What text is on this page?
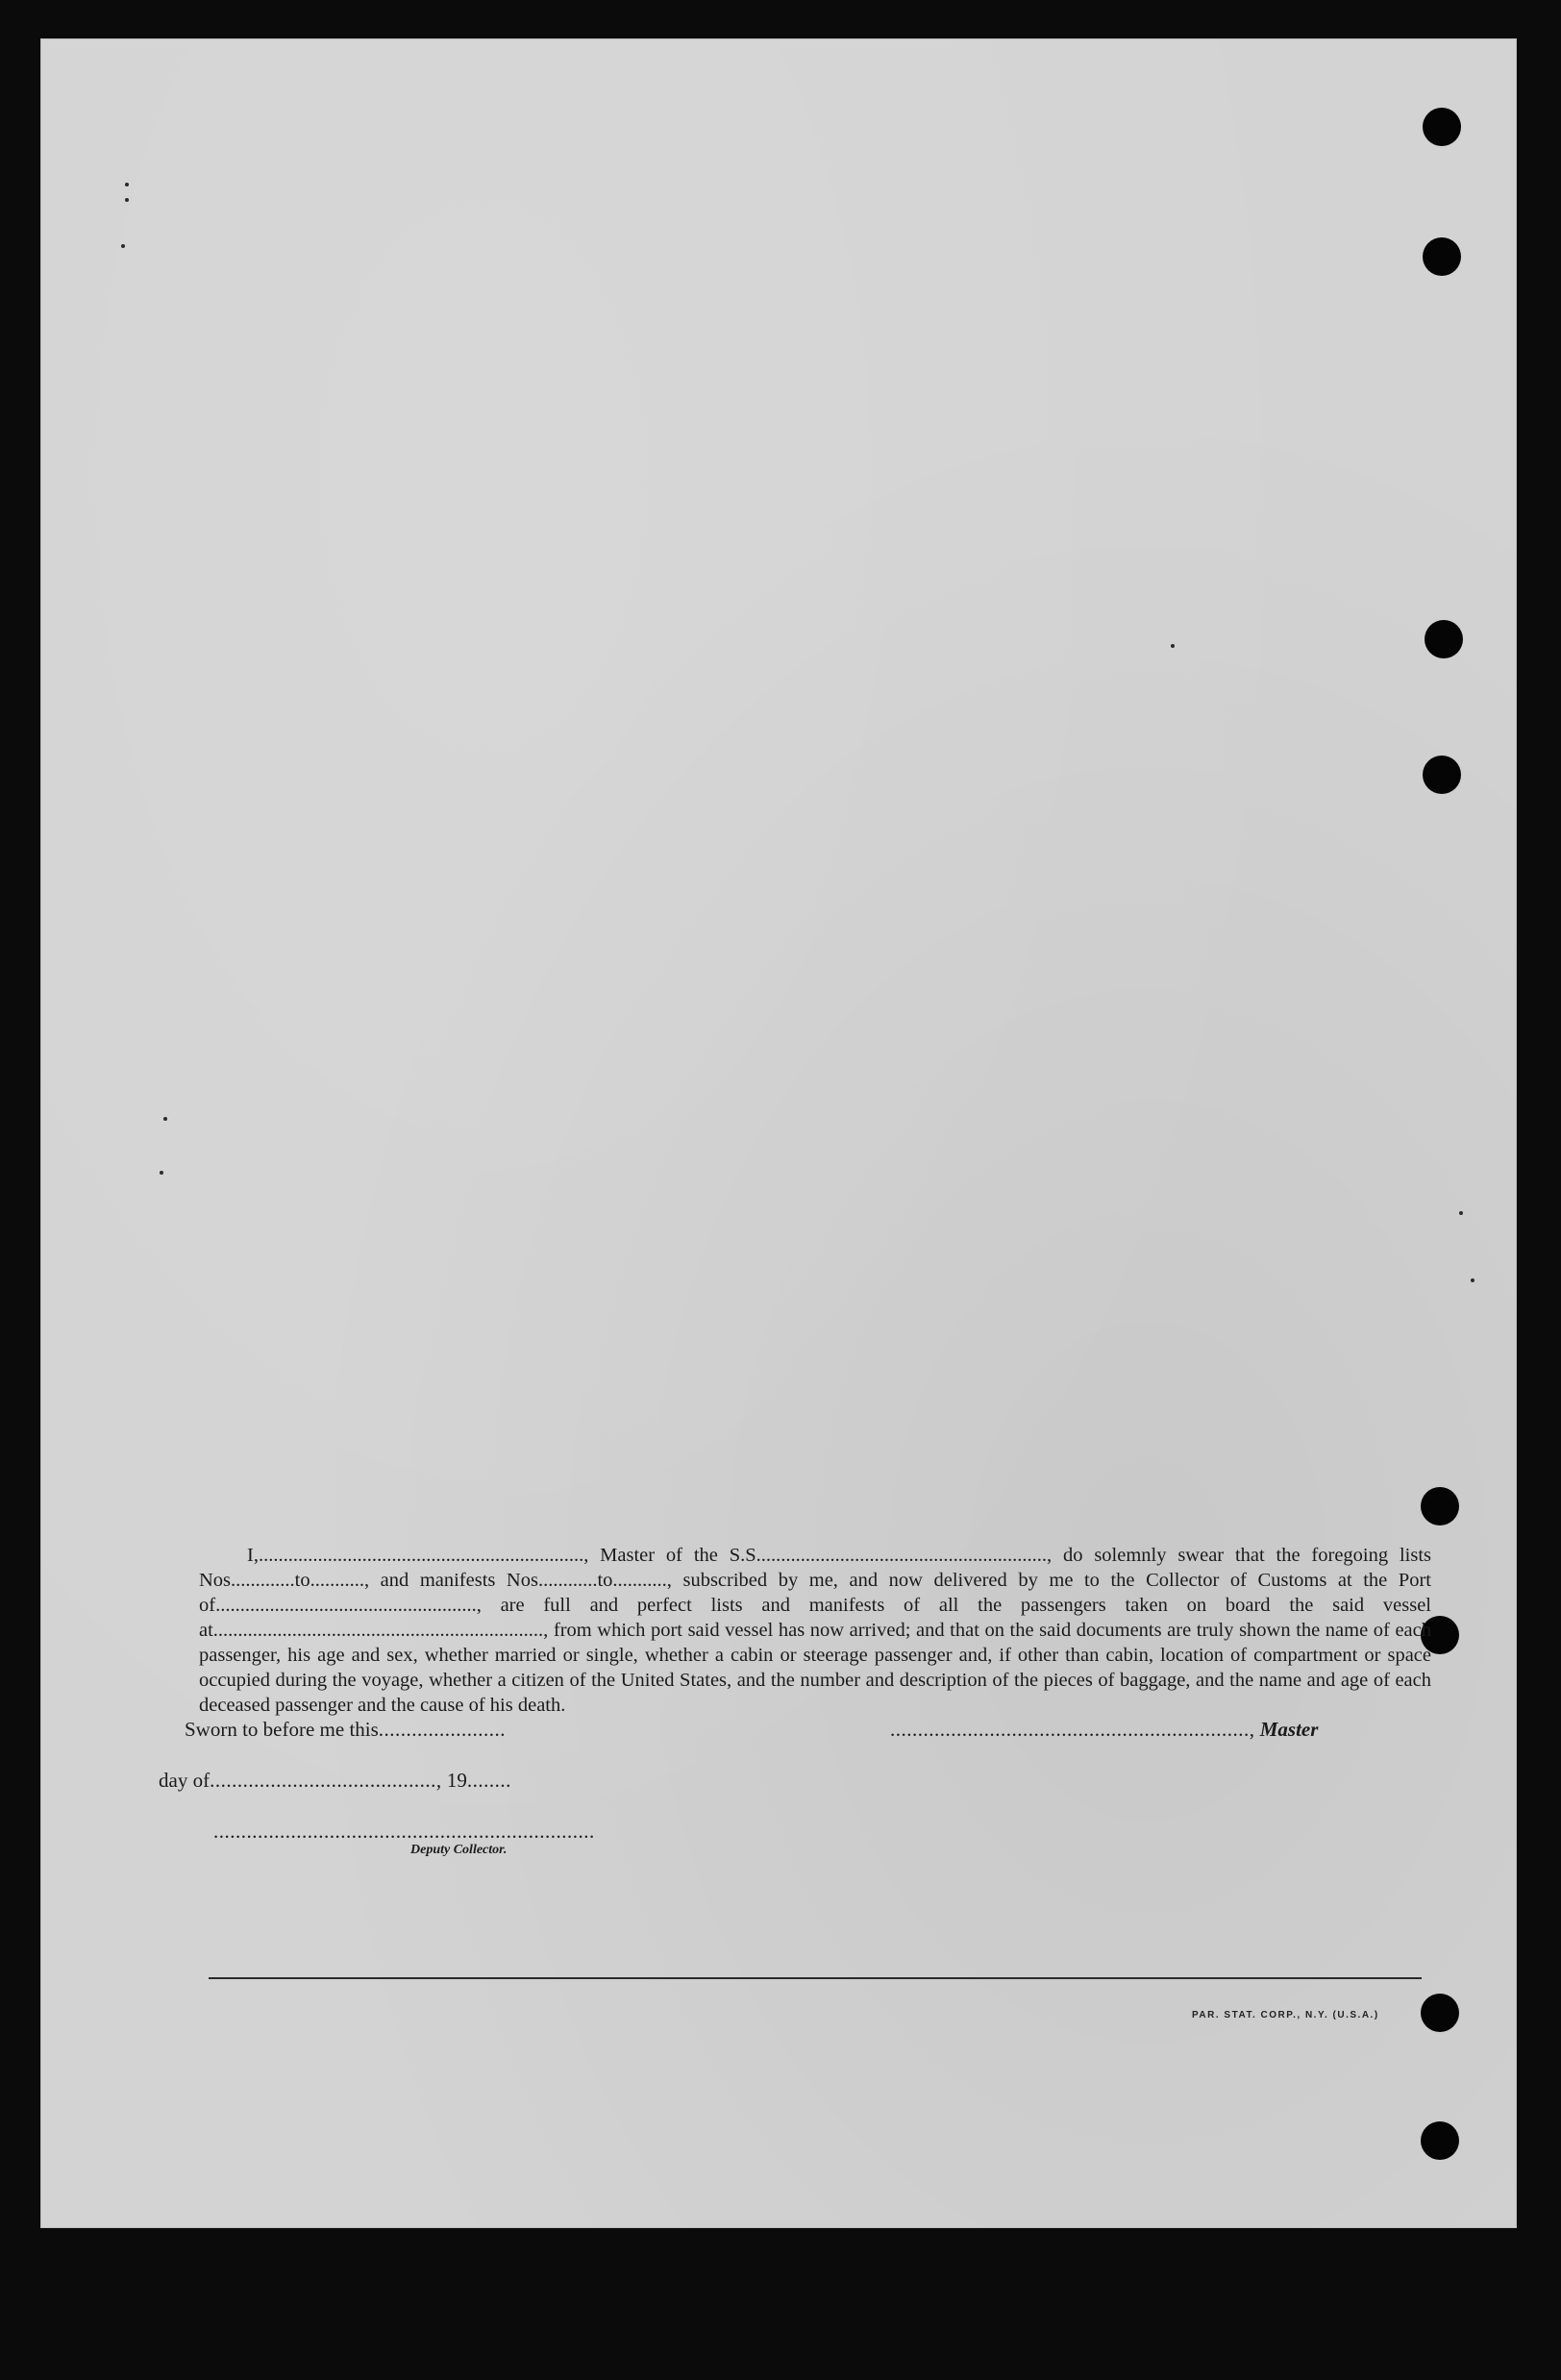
I,.................................................................., Master of the S.S..........................................................., do solemnly swear that the foregoing lists Nos.............to..........., and manifests Nos............to..........., subscribed by me, and now delivered by me to the Collector of Customs at the Port of....................................................., are full and perfect lists and manifests of all the passengers taken on board the said vessel at..................................................................., from which port said vessel has now arrived; and that on the said documents are truly shown the name of each passenger, his age and sex, whether married or single, whether a cabin or steerage passenger and, if other than cabin, location of compartment or space occupied during the voyage, whether a citizen of the United States, and the number and description of the pieces of baggage, and the name and age of each deceased passenger and the cause of his death.

Sworn to before me this.......................	................................................................., Master
day of........................................., 19........
.....................................................................
Deputy Collector.
PAR. STAT. CORP., N.Y. (U.S.A.)
